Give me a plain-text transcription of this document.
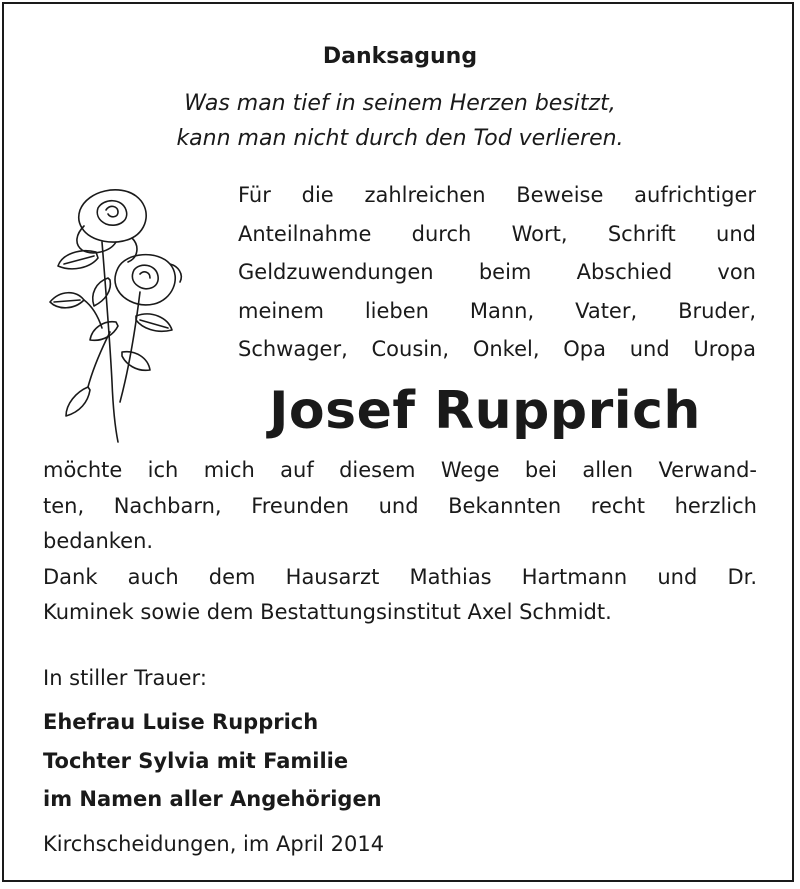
Danksagung
Was man tief in seinem Herzen besitzt,
kann man nicht durch den Tod verlieren.
Für die zahlreichen Beweise aufrichtiger
Anteilnahme durch Wort, Schrift und
Geldzuwendungen beim Abschied von
meinem lieben Mann, Vater, Bruder,
Schwager, Cousin, Onkel, Opa und Uropa
Josef Rupprich
möchte ich mich auf diesem Wege bei allen Verwand-
ten, Nachbarn, Freunden und Bekannten recht herzlich
bedanken.
Dank auch dem Hausarzt Mathias Hartmann und Dr.
Kuminek sowie dem Bestattungsinstitut Axel Schmidt.
In stiller Trauer:
Ehefrau Luise Rupprich
Tochter Sylvia mit Familie
im Namen aller Angehörigen
Kirchscheidungen, im April 2014
